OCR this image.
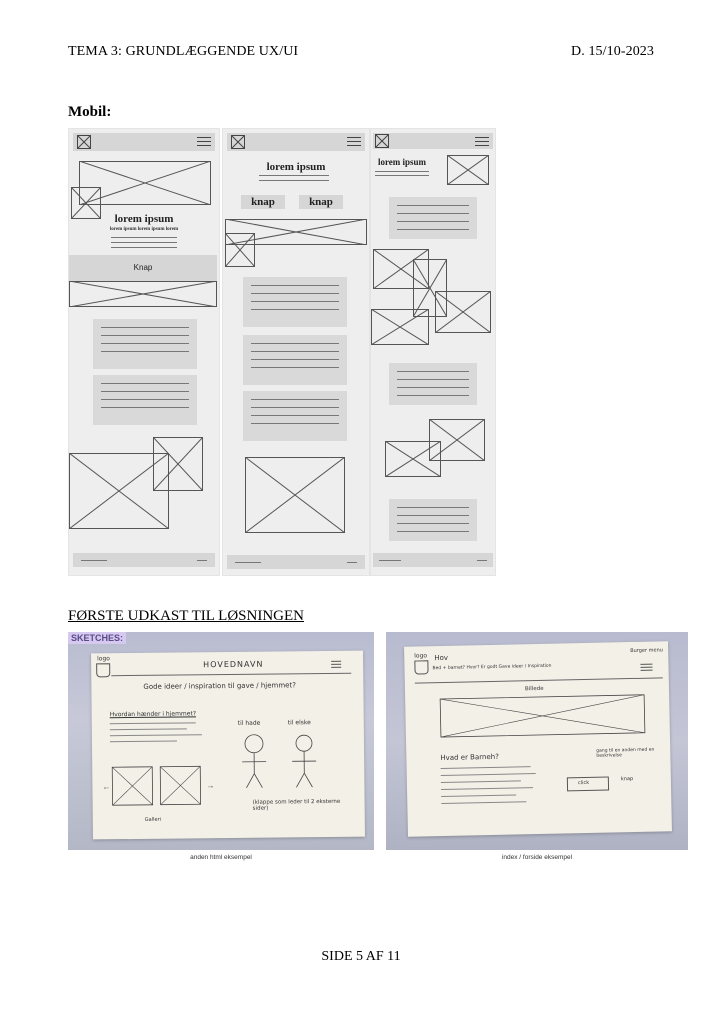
TEMA 3: GRUNDLÆGGENDE UX/UI	D. 15/10-2023
Mobil:
lorem ipsum
lorem ipsum lorem ipsum lorem
Knap
lorem ipsum
knap	knap
lorem ipsum
FØRSTE UDKAST TIL LØSNINGEN
SKETCHES:
logo
HOVEDNAVN
Gode ideer / inspiration til gave / hjemmet?
Hvordan hænder i hjemmet?
til hade	til elske
←	→
Galleri
(klappe som leder til 2 eksterne sider)
anden html eksempel
logo Hov
Bed + barnet? Hvor? Er godt Gave ideer / Inspiration
Burger menu
Billede
Hvad er Barneh?
gang til en anden med en beskrivelse
click
knap
index / forside eksempel
SIDE 5 AF 11
